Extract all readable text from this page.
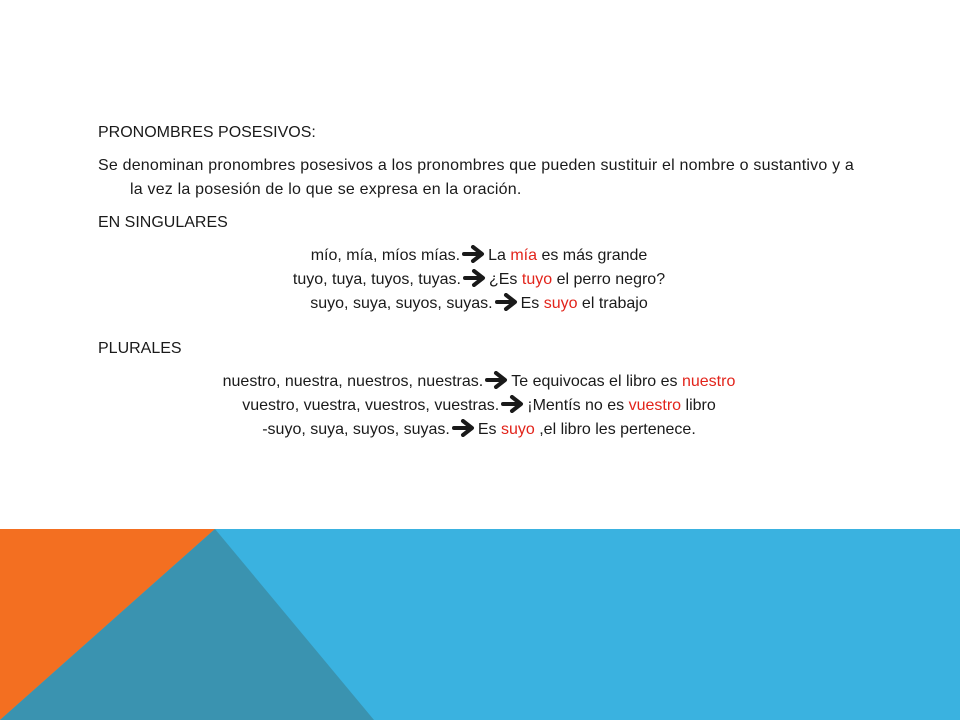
PRONOMBRES POSESIVOS:

Se denominan pronombres posesivos a los pronombres que pueden sustituir el nombre o sustantivo y a la vez la posesión de lo que se expresa en la oración.

EN SINGULARES

mío, mía, míos mías. La mía es más grande
tuyo, tuya, tuyos, tuyas. ¿Es tuyo el perro negro?
suyo, suya, suyos, suyas. Es suyo el trabajo

PLURALES

nuestro, nuestra, nuestros, nuestras. Te equivocas el libro es nuestro
vuestro, vuestra, vuestros, vuestras. ¡Mentís no es vuestro libro
-suyo, suya, suyos, suyas. Es suyo ,el libro les pertenece.
